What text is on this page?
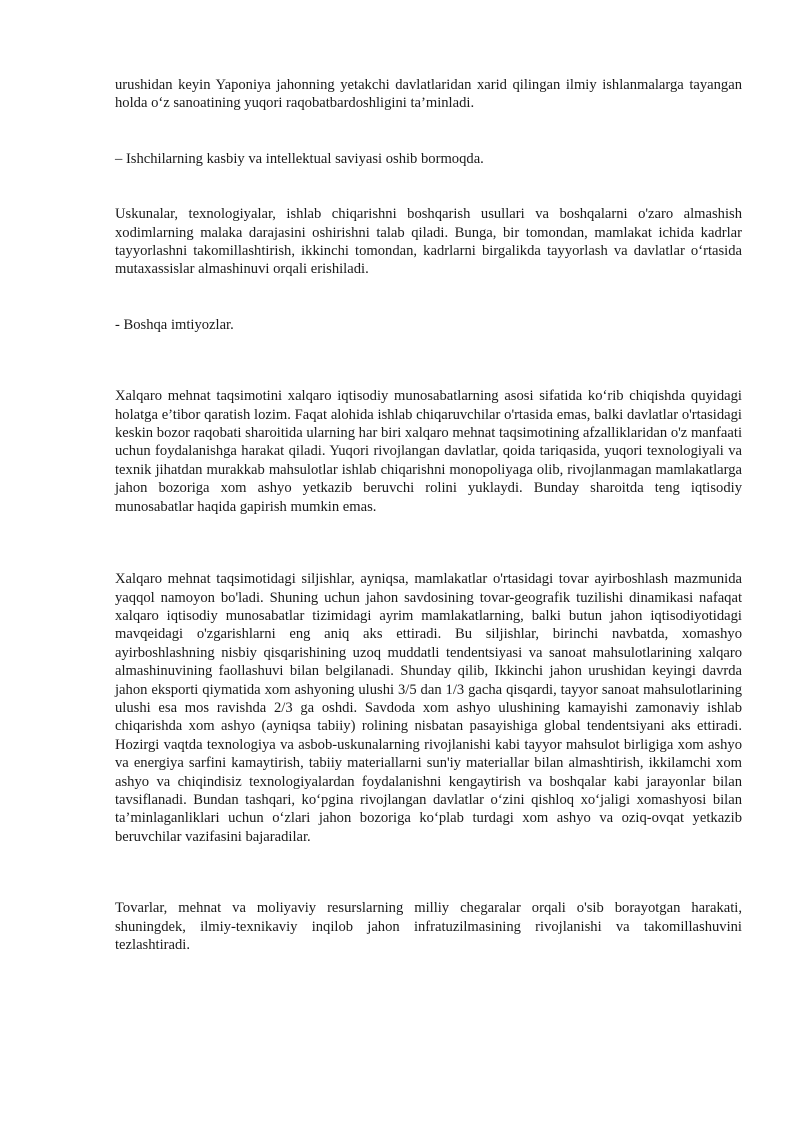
urushidan keyin Yaponiya jahonning yetakchi davlatlaridan xarid qilingan ilmiy ishlanmalarga tayangan holda o‘z sanoatining yuqori raqobatbardoshligini ta’minladi.

– Ishchilarning kasbiy va intellektual saviyasi oshib bormoqda.

Uskunalar, texnologiyalar, ishlab chiqarishni boshqarish usullari va boshqalarni o'zaro almashish xodimlarning malaka darajasini oshirishni talab qiladi. Bunga, bir tomondan, mamlakat ichida kadrlar tayyorlashni takomillashtirish, ikkinchi tomondan, kadrlarni birgalikda tayyorlash va davlatlar o‘rtasida mutaxassislar almashinuvi orqali erishiladi.

- Boshqa imtiyozlar.

Xalqaro mehnat taqsimotini xalqaro iqtisodiy munosabatlarning asosi sifatida ko‘rib chiqishda quyidagi holatga e’tibor qaratish lozim. Faqat alohida ishlab chiqaruvchilar o'rtasida emas, balki davlatlar o'rtasidagi keskin bozor raqobati sharoitida ularning har biri xalqaro mehnat taqsimotining afzalliklaridan o'z manfaati uchun foydalanishga harakat qiladi. Yuqori rivojlangan davlatlar, qoida tariqasida, yuqori texnologiyali va texnik jihatdan murakkab mahsulotlar ishlab chiqarishni monopoliyaga olib, rivojlanmagan mamlakatlarga jahon bozoriga xom ashyo yetkazib beruvchi rolini yuklaydi. Bunday sharoitda teng iqtisodiy munosabatlar haqida gapirish mumkin emas.

Xalqaro mehnat taqsimotidagi siljishlar, ayniqsa, mamlakatlar o'rtasidagi tovar ayirboshlash mazmunida yaqqol namoyon bo'ladi. Shuning uchun jahon savdosining tovar-geografik tuzilishi dinamikasi nafaqat xalqaro iqtisodiy munosabatlar tizimidagi ayrim mamlakatlarning, balki butun jahon iqtisodiyotidagi mavqeidagi o'zgarishlarni eng aniq aks ettiradi. Bu siljishlar, birinchi navbatda, xomashyo ayirboshlashning nisbiy qisqarishining uzoq muddatli tendentsiyasi va sanoat mahsulotlarining xalqaro almashinuvining faollashuvi bilan belgilanadi. Shunday qilib, Ikkinchi jahon urushidan keyingi davrda jahon eksporti qiymatida xom ashyoning ulushi 3/5 dan 1/3 gacha qisqardi, tayyor sanoat mahsulotlarining ulushi esa mos ravishda 2/3 ga oshdi. Savdoda xom ashyo ulushining kamayishi zamonaviy ishlab chiqarishda xom ashyo (ayniqsa tabiiy) rolining nisbatan pasayishiga global tendentsiyani aks ettiradi. Hozirgi vaqtda texnologiya va asbob-uskunalarning rivojlanishi kabi tayyor mahsulot birligiga xom ashyo va energiya sarfini kamaytirish, tabiiy materiallarni sun'iy materiallar bilan almashtirish, ikkilamchi xom ashyo va chiqindisiz texnologiyalardan foydalanishni kengaytirish va boshqalar kabi jarayonlar bilan tavsiflanadi. Bundan tashqari, ko‘pgina rivojlangan davlatlar o‘zini qishloq xo‘jaligi xomashyosi bilan ta’minlaganliklari uchun o‘zlari jahon bozoriga ko‘plab turdagi xom ashyo va oziq-ovqat yetkazib beruvchilar vazifasini bajaradilar.

Tovarlar, mehnat va moliyaviy resurslarning milliy chegaralar orqali o'sib borayotgan harakati, shuningdek, ilmiy-texnikaviy inqilob jahon infratuzilmasining rivojlanishi va takomillashuvini tezlashtiradi.
